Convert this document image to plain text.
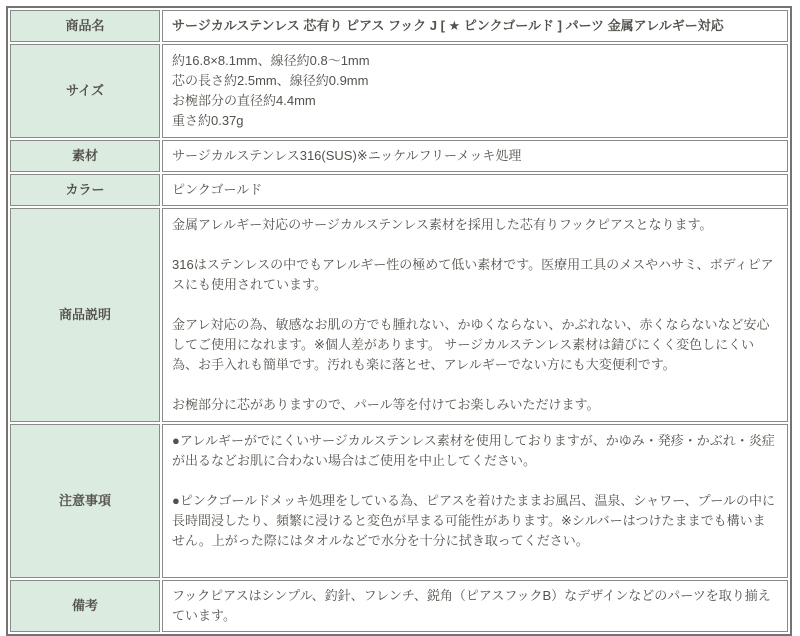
商品名	サージカルステンレス 芯有り ピアス フック J [ ★ ピンクゴールド ] パーツ 金属アレルギー対応

サイズ	約16.8×8.1mm、線径約0.8〜1mm
芯の長さ約2.5mm、線径約0.9mm
お椀部分の直径約4.4mm
重さ約0.37g

素材	サージカルステンレス316(SUS)※ニッケルフリーメッキ処理

カラー	ピンクゴールド

商品説明	金属アレルギー対応のサージカルステンレス素材を採用した芯有りフックピアスとなります。
316はステンレスの中でもアレルギー性の極めて低い素材です。医療用工具のメスやハサミ、ボディピアスにも使用されています。
金アレ対応の為、敏感なお肌の方でも腫れない、かゆくならない、かぶれない、赤くならないなど安心してご使用になれます。※個人差があります。 サージカルステンレス素材は錆びにくく変色しにくい為、お手入れも簡単です。汚れも楽に落とせ、アレルギーでない方にも大変便利です。
お椀部分に芯がありますので、パール等を付けてお楽しみいただけます。

注意事項	●アレルギーがでにくいサージカルステンレス素材を使用しておりますが、かゆみ・発疹・かぶれ・炎症が出るなどお肌に合わない場合はご使用を中止してください。
●ピンクゴールドメッキ処理をしている為、ピアスを着けたままお風呂、温泉、シャワー、プールの中に長時間浸したり、頻繁に浸けると変色が早まる可能性があります。※シルバーはつけたままでも構いません。上がった際にはタオルなどで水分を十分に拭き取ってください。

備考	フックピアスはシンプル、釣針、フレンチ、鋭角（ピアスフックB）なデザインなどのパーツを取り揃えています。
